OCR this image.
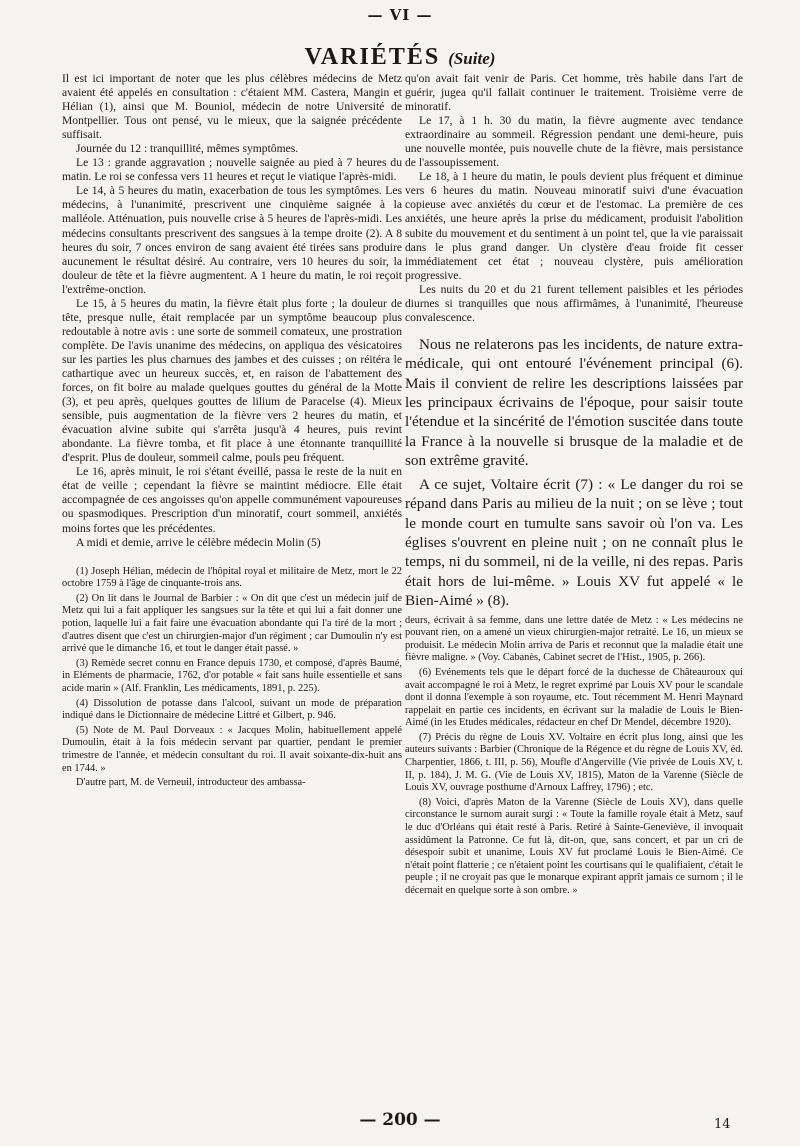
— VI —
VARIÉTÉS (Suite)

Il est ici important de noter que les plus célèbres médecins de Metz avaient été appelés en consultation : c'étaient MM. Castera, Mangin et Hélian (1), ainsi que M. Bouniol, médecin de notre Université de Montpellier. Tous ont pensé, vu le mieux, que la saignée précédente suffisait.

Journée du 12 : tranquillité, mêmes symptômes.

Le 13 : grande aggravation ; nouvelle saignée au pied à 7 heures du matin. Le roi se confessa vers 11 heures et reçut le viatique l'après-midi.

Le 14, à 5 heures du matin, exacerbation de tous les symptômes. Les médecins, à l'unanimité, prescrivent une cinquième saignée à la malléole. Atténuation, puis nouvelle crise à 5 heures de l'après-midi. Les médecins consultants prescrivent des sangsues à la tempe droite (2). A 8 heures du soir, 7 onces environ de sang avaient été tirées sans produire aucunement le résultat désiré. Au contraire, vers 10 heures du soir, la douleur de tête et la fièvre augmentent. A 1 heure du matin, le roi reçoit l'extrême-onction.

Le 15, à 5 heures du matin, la fièvre était plus forte ; la douleur de tête, presque nulle, était remplacée par un symptôme beaucoup plus redoutable à notre avis : une sorte de sommeil comateux, une prostration complète. De l'avis unanime des médecins, on appliqua des vésicatoires sur les parties les plus charnues des jambes et des cuisses ; on réitéra le cathartique avec un heureux succès, et, en raison de l'abattement des forces, on fit boire au malade quelques gouttes du général de la Motte (3), et peu après, quelques gouttes de lilium de Paracelse (4). Mieux sensible, puis augmentation de la fièvre vers 2 heures du matin, et évacuation alvine subite qui s'arrêta jusqu'à 4 heures, puis revint abondante. La fièvre tomba, et fit place à une étonnante tranquillité d'esprit. Plus de douleur, sommeil calme, pouls peu fréquent.

Le 16, après minuit, le roi s'étant éveillé, passa le reste de la nuit en état de veille ; cependant la fièvre se maintint médiocre. Elle était accompagnée de ces angoisses qu'on appelle communément vapoureuses ou spasmodiques. Prescription d'un minoratif, court sommeil, anxiétés moins fortes que les précédentes.

A midi et demie, arrive le célèbre médecin Molin (5)

(1) Joseph Hélian, médecin de l'hôpital royal et militaire de Metz, mort le 22 octobre 1759 à l'âge de cinquante-trois ans.

(2) On lit dans le Journal de Barbier : « On dit que c'est un médecin juif de Metz qui lui a fait appliquer les sangsues sur la tête et qui lui a fait donner une potion, laquelle lui a fait faire une évacuation abondante qui l'a tiré de la mort ; d'autres disent que c'est un chirurgien-major d'un régiment ; car Dumoulin n'y est arrivé que le dimanche 16, et tout le danger était passé. »

(3) Remède secret connu en France depuis 1730, et composé, d'après Baumé, in Eléments de pharmacie, 1762, d'or potable « fait sans huile essentielle et sans acide marin » (Alf. Franklin, Les médicaments, 1891, p. 225).

(4) Dissolution de potasse dans l'alcool, suivant un mode de préparation indiqué dans le Dictionnaire de médecine Littré et Gilbert, p. 946.

(5) Note de M. Paul Dorveaux : « Jacques Molin, habituellement appelé Dumoulin, était à la fois médecin servant par quartier, pendant le premier trimestre de l'année, et médecin consultant du roi. Il avait soixante-dix-huit ans en 1744. »

D'autre part, M. de Verneuil, introducteur des ambassa-

qu'on avait fait venir de Paris. Cet homme, très habile dans l'art de guérir, jugea qu'il fallait continuer le traitement. Troisième verre de minoratif.

Le 17, à 1 h. 30 du matin, la fièvre augmente avec tendance extraordinaire au sommeil. Régression pendant une demi-heure, puis une nouvelle montée, puis nouvelle chute de la fièvre, mais persistance de l'assoupissement.

Le 18, à 1 heure du matin, le pouls devient plus fréquent et diminue vers 6 heures du matin. Nouveau minoratif suivi d'une évacuation copieuse avec anxiétés du cœur et de l'estomac. La première de ces anxiétés, une heure après la prise du médicament, produisit l'abolition subite du mouvement et du sentiment à un point tel, que la vie paraissait dans le plus grand danger. Un clystère d'eau froide fit cesser immédiatement cet état ; nouveau clystère, puis amélioration progressive.

Les nuits du 20 et du 21 furent tellement paisibles et les périodes diurnes si tranquilles que nous affirmâmes, à l'unanimité, l'heureuse convalescence.

Nous ne relaterons pas les incidents, de nature extra-médicale, qui ont entouré l'événement principal (6). Mais il convient de relire les descriptions laissées par les principaux écrivains de l'époque, pour saisir toute l'étendue et la sincérité de l'émotion suscitée dans toute la France à la nouvelle si brusque de la maladie et de son extrême gravité.

A ce sujet, Voltaire écrit (7) : « Le danger du roi se répand dans Paris au milieu de la nuit ; on se lève ; tout le monde court en tumulte sans savoir où l'on va. Les églises s'ouvrent en pleine nuit ; on ne connaît plus le temps, ni du sommeil, ni de la veille, ni des repas. Paris était hors de lui-même. » Louis XV fut appelé « le Bien-Aimé » (8).

deurs, écrivait à sa femme, dans une lettre datée de Metz : « Les médecins ne pouvant rien, on a amené un vieux chirurgien-major retraité. Le 16, un mieux se produisit. Le médecin Molin arriva de Paris et reconnut que la maladie était une fièvre maligne. » (Voy. Cabanès, Cabinet secret de l'Hist., 1905, p. 266).

(6) Evénements tels que le départ forcé de la duchesse de Châteauroux qui avait accompagné le roi à Metz, le regret exprimé par Louis XV pour le scandale dont il donna l'exemple à son royaume, etc. Tout récemment M. Henri Maynard rappelait en partie ces incidents, en écrivant sur la maladie de Louis le Bien-Aimé (in les Etudes médicales, rédacteur en chef Dr Mendel, décembre 1920).

(7) Précis du règne de Louis XV. Voltaire en écrit plus long, ainsi que les auteurs suivants : Barbier (Chronique de la Régence et du règne de Louis XV, éd. Charpentier, 1866, t. III, p. 56), Moufle d'Angerville (Vie privée de Louis XV, t. II, p. 184), J. M. G. (Vie de Louis XV, 1815), Maton de la Varenne (Siècle de Louis XV, ouvrage posthume d'Arnoux Laffrey, 1796) ; etc.

(8) Voici, d'après Maton de la Varenne (Siècle de Louis XV), dans quelle circonstance le surnom aurait surgi : « Toute la famille royale était à Metz, sauf le duc d'Orléans qui était resté à Paris. Retiré à Sainte-Geneviève, il invoquait assidûment la Patronne. Ce fut là, dit-on, que, sans concert, et par un cri de désespoir subit et unanime, Louis XV fut proclamé Louis le Bien-Aimé. Ce n'était point flatterie ; ce n'étaient point les courtisans qui le qualifiaient, c'était le peuple ; il ne croyait pas que le monarque expirant apprît jamais ce surnom ; il le décernait en quelque sorte à son ombre. »

— 200 —	14
